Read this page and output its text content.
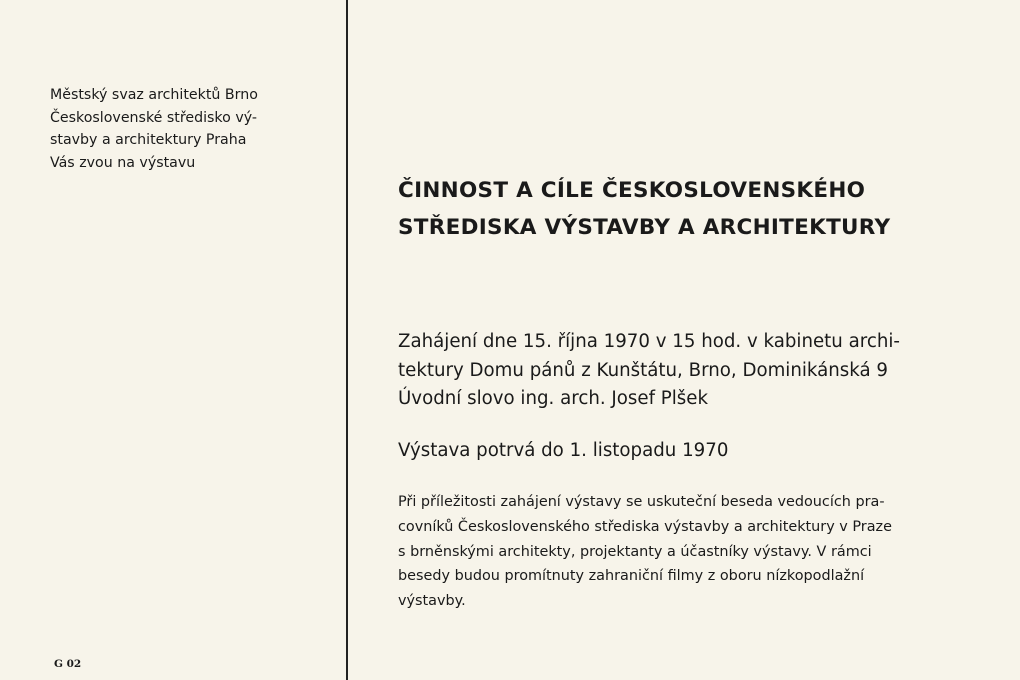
Městský svaz architektů Brno
Československé středisko vý-
stavby a architektury Praha
Vás zvou na výstavu
G 02
ČINNOST A CÍLE ČESKOSLOVENSKÉHO
STŘEDISKA VÝSTAVBY A ARCHITEKTURY
Zahájení dne 15. října 1970 v 15 hod. v kabinetu archi-
tektury Domu pánů z Kunštátu, Brno, Dominikánská 9
Úvodní slovo ing. arch. Josef Plšek
Výstava potrvá do 1. listopadu 1970
Při příležitosti zahájení výstavy se uskuteční beseda vedoucích pra-
covníků Československého střediska výstavby a architektury v Praze
s brněnskými architekty, projektanty a účastníky výstavy. V rámci
besedy budou promítnuty zahraniční filmy z oboru nízkopodlažní
výstavby.
